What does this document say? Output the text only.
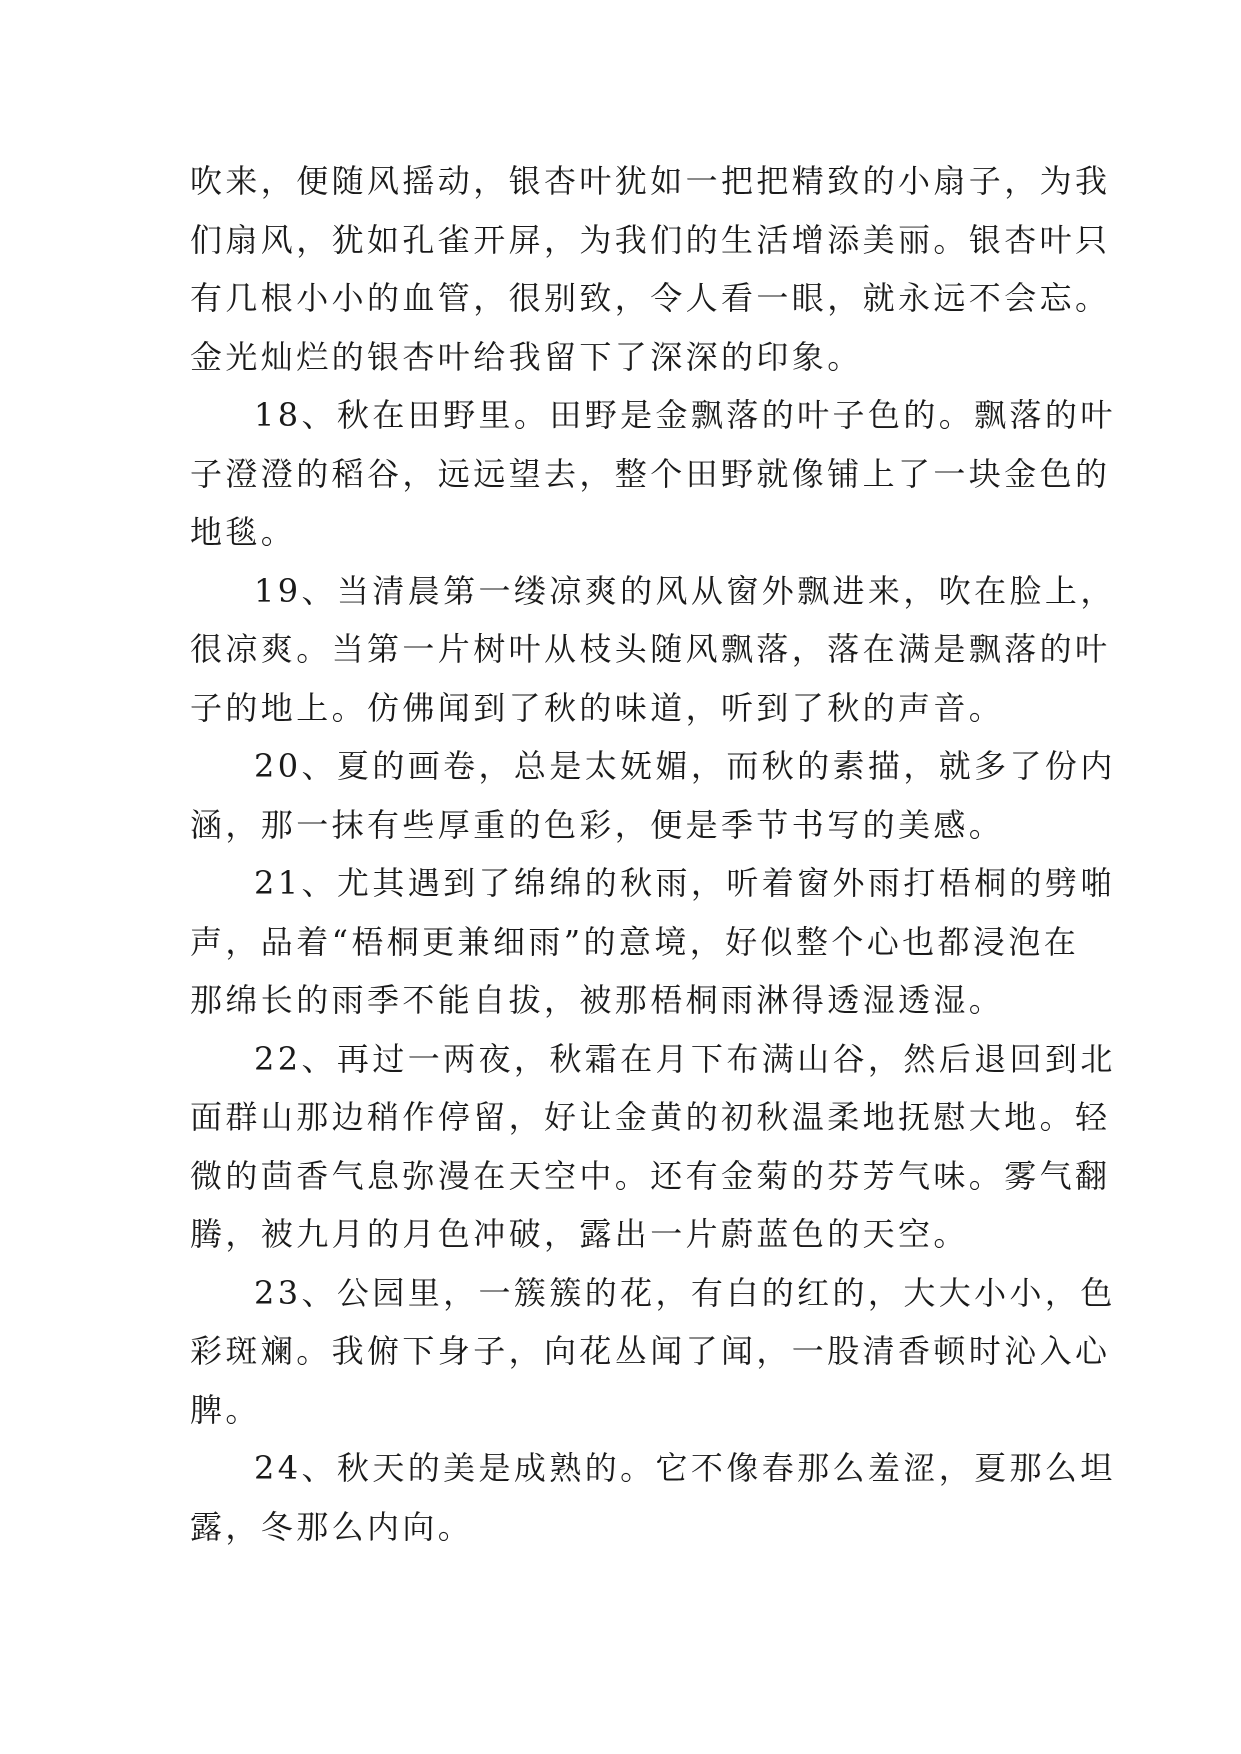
吹来，便随风摇动，银杏叶犹如一把把精致的小扇子，为我
们扇风，犹如孔雀开屏，为我们的生活增添美丽。银杏叶只
有几根小小的血管，很别致，令人看一眼，就永远不会忘。
金光灿烂的银杏叶给我留下了深深的印象。
18、秋在田野里。田野是金飘落的叶子色的。飘落的叶
子澄澄的稻谷，远远望去，整个田野就像铺上了一块金色的
地毯。
19、当清晨第一缕凉爽的风从窗外飘进来，吹在脸上，
很凉爽。当第一片树叶从枝头随风飘落，落在满是飘落的叶
子的地上。仿佛闻到了秋的味道，听到了秋的声音。
20、夏的画卷，总是太妩媚，而秋的素描，就多了份内
涵，那一抹有些厚重的色彩，便是季节书写的美感。
21、尤其遇到了绵绵的秋雨，听着窗外雨打梧桐的劈啪
声，品着“梧桐更兼细雨”的意境，好似整个心也都浸泡在
那绵长的雨季不能自拔，被那梧桐雨淋得透湿透湿。
22、再过一两夜，秋霜在月下布满山谷，然后退回到北
面群山那边稍作停留，好让金黄的初秋温柔地抚慰大地。轻
微的茴香气息弥漫在天空中。还有金菊的芬芳气味。雾气翻
腾，被九月的月色冲破，露出一片蔚蓝色的天空。
23、公园里，一簇簇的花，有白的红的，大大小小，色
彩斑斓。我俯下身子，向花丛闻了闻，一股清香顿时沁入心
脾。
24、秋天的美是成熟的。它不像春那么羞涩，夏那么坦
露，冬那么内向。
